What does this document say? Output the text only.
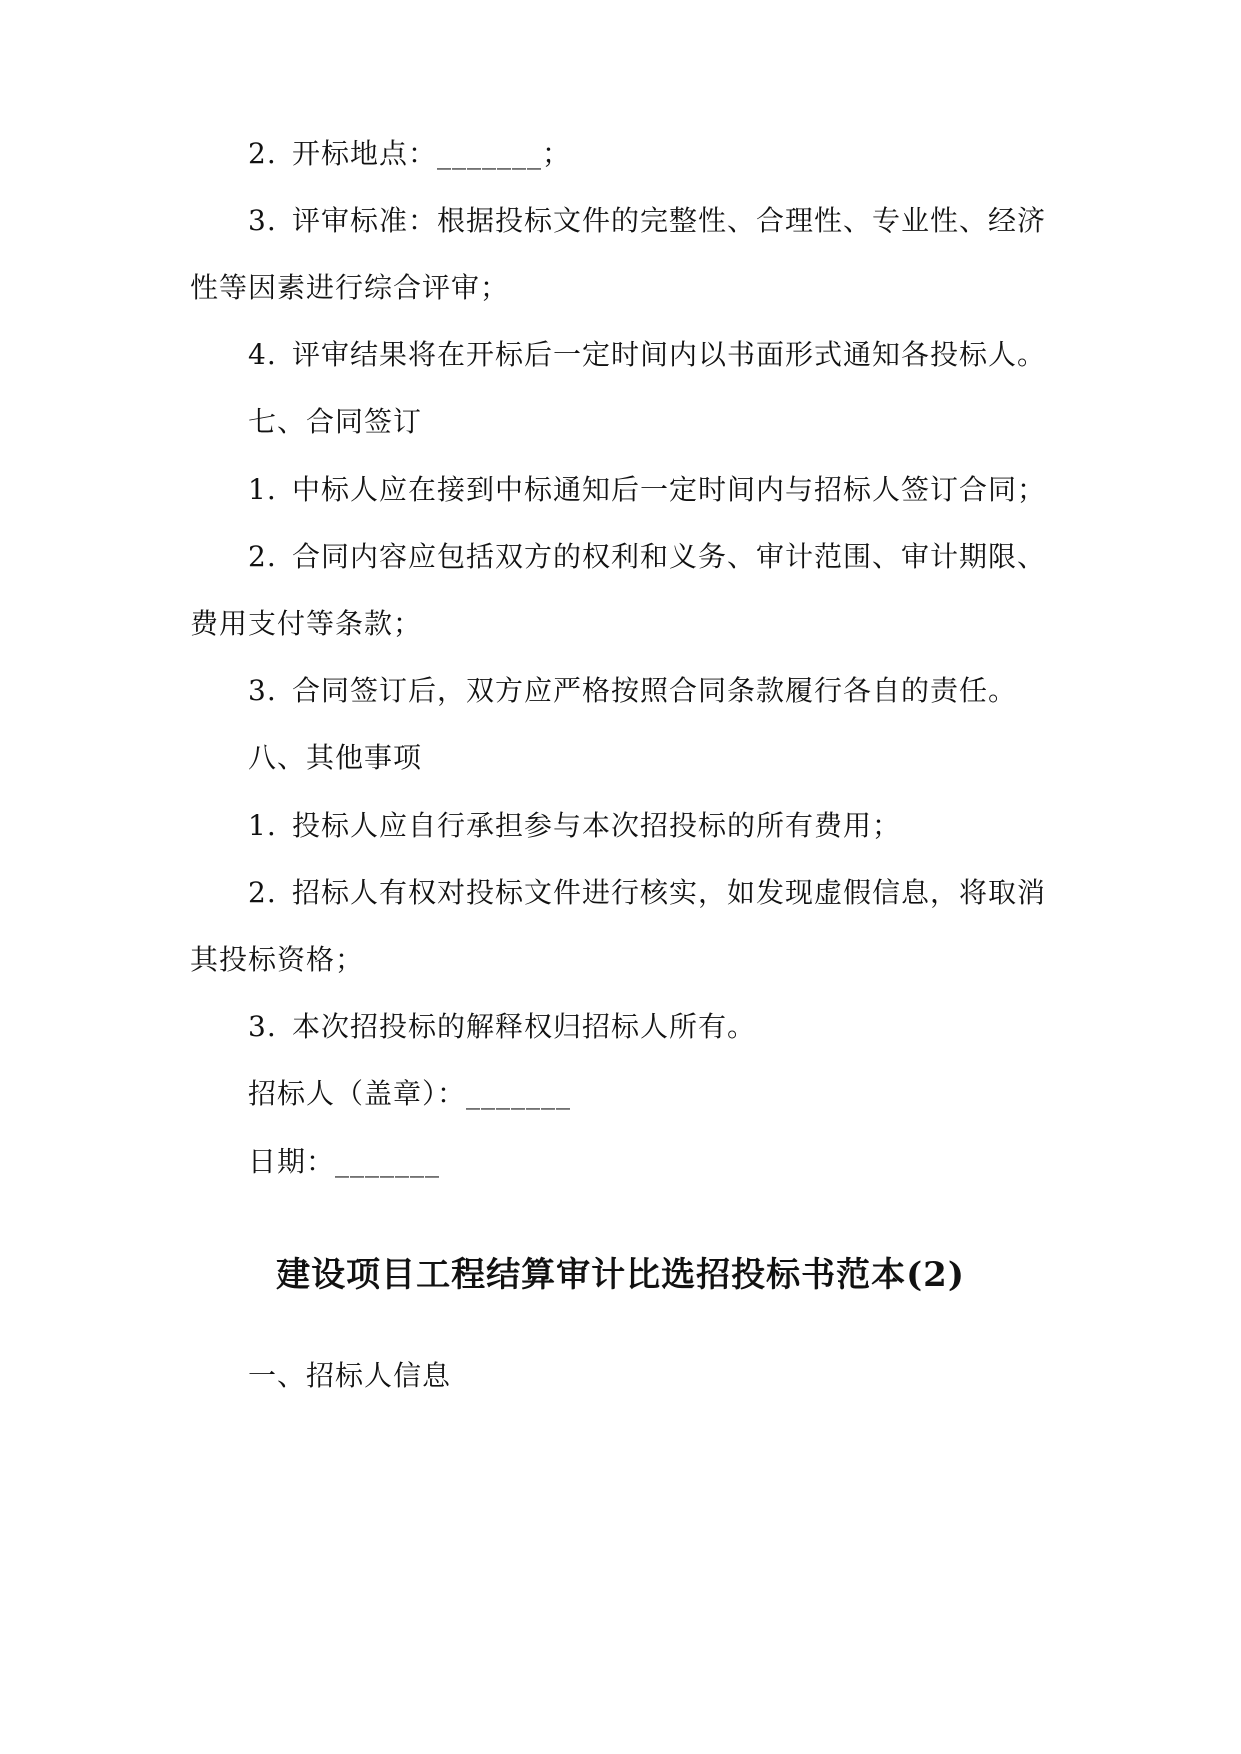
2. 开标地点：_______；
3. 评审标准：根据投标文件的完整性、合理性、专业性、经济
性等因素进行综合评审；
4. 评审结果将在开标后一定时间内以书面形式通知各投标人。
七、合同签订
1. 中标人应在接到中标通知后一定时间内与招标人签订合同；
2. 合同内容应包括双方的权利和义务、审计范围、审计期限、
费用支付等条款；
3. 合同签订后，双方应严格按照合同条款履行各自的责任。
八、其他事项
1. 投标人应自行承担参与本次招投标的所有费用；
2. 招标人有权对投标文件进行核实，如发现虚假信息，将取消
其投标资格；
3. 本次招投标的解释权归招标人所有。
招标人（盖章）：_______
日期：_______
建设项目工程结算审计比选招投标书范本(2)
一、招标人信息
